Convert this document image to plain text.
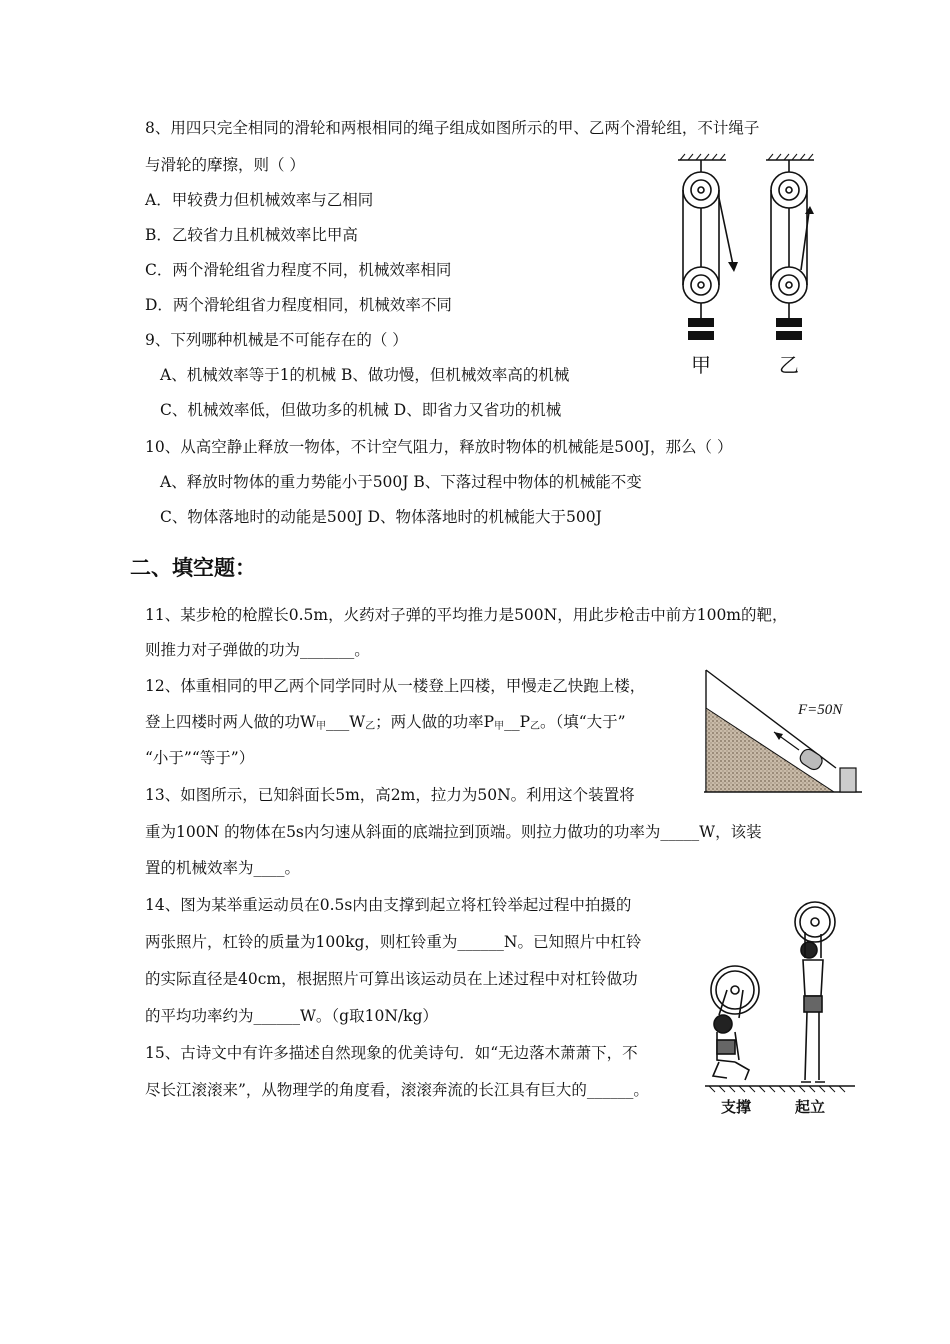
8、用四只完全相同的滑轮和两根相同的绳子组成如图所示的甲、乙两个滑轮组，不计绳子
与滑轮的摩擦，则（ ）
A．甲较费力但机械效率与乙相同
B．乙较省力且机械效率比甲高
C．两个滑轮组省力程度不同，机械效率相同
D．两个滑轮组省力程度相同，机械效率不同
甲	乙
9、下列哪种机械是不可能存在的（ ）
A、机械效率等于1的机械 B、做功慢，但机械效率高的机械
C、机械效率低，但做功多的机械 D、即省力又省功的机械
10、从高空静止释放一物体，不计空气阻力，释放时物体的机械能是500J，那么（ ）
A、释放时物体的重力势能小于500J B、下落过程中物体的机械能不变
C、物体落地时的动能是500J D、物体落地时的机械能大于500J
二、填空题：
11、某步枪的枪膛长0.5m，火药对子弹的平均推力是500N，用此步枪击中前方100m的靶，
则推力对子弹做的功为_______。
12、体重相同的甲乙两个同学同时从一楼登上四楼，甲慢走乙快跑上楼，
登上四楼时两人做的功$W_甲\_\_\_W_乙$；两人做的功率$P_甲\_\_P_乙$。（填“大于”
“小于”“等于”）
F=50N
13、如图所示，已知斜面长5m，高2m，拉力为50N。利用这个装置将
重为100N 的物体在5s内匀速从斜面的底端拉到顶端。则拉力做功的功率为_____W，该装
置的机械效率为____。
14、图为某举重运动员在0.5s内由支撑到起立将杠铃举起过程中拍摄的
两张照片，杠铃的质量为100kg，则杠铃重为______N。已知照片中杠铃
的实际直径是40cm，根据照片可算出该运动员在上述过程中对杠铃做功
的平均功率约为______W。（g取10N/kg）
支撑	起立
15、古诗文中有许多描述自然现象的优美诗句．如“无边落木萧萧下，不
尽长江滚滚来”，从物理学的角度看，滚滚奔流的长江具有巨大的______。
